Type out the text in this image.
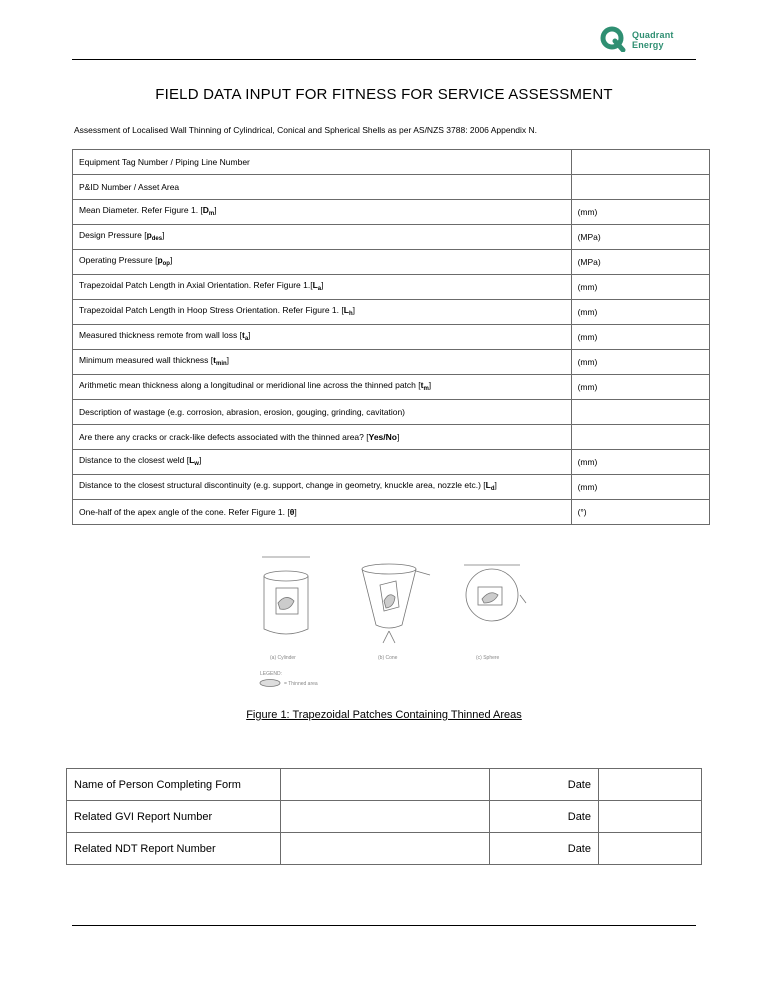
Quadrant
Energy
FIELD DATA INPUT FOR FITNESS FOR SERVICE ASSESSMENT
Assessment of Localised Wall Thinning of Cylindrical, Conical and Spherical Shells as per AS/NZS 3788: 2006 Appendix N.
Equipment Tag Number / Piping Line Number	
P&ID Number / Asset Area	
Mean Diameter. Refer Figure 1. $[D_m]$	(mm)
Design Pressure $[p_{des}]$	(MPa)
Operating Pressure $[p_{op}]$	(MPa)
Trapezoidal Patch Length in Axial Orientation. Refer Figure $1.[L_a]$	(mm)
Trapezoidal Patch Length in Hoop Stress Orientation. Refer Figure 1. $[L_h]$	(mm)
Measured thickness remote from wall loss $[t_a]$	(mm)
Minimum measured wall thickness $[t_{min}]$	(mm)
Arithmetic mean thickness along a longitudinal or meridional line across the thinned patch $[t_m]$	(mm)
Description of wastage (e.g. corrosion, abrasion, erosion, gouging, grinding, cavitation)	
Are there any cracks or crack-like defects associated with the thinned area? [Yes/No]	
Distance to the closest weld $[L_w]$	(mm)
Distance to the closest structural discontinuity (e.g. support, change in geometry, knuckle area, nozzle etc.) $[L_d]$	(mm)
One-half of the apex angle of the cone. Refer Figure 1. [θ]	(°)
(a) Cylinder	(b) Cone	(c) Sphere
LEGEND:
= Thinned area
Figure 1: Trapezoidal Patches Containing Thinned Areas
Name of Person Completing Form		Date	
Related GVI Report Number		Date	
Related NDT Report Number		Date	
